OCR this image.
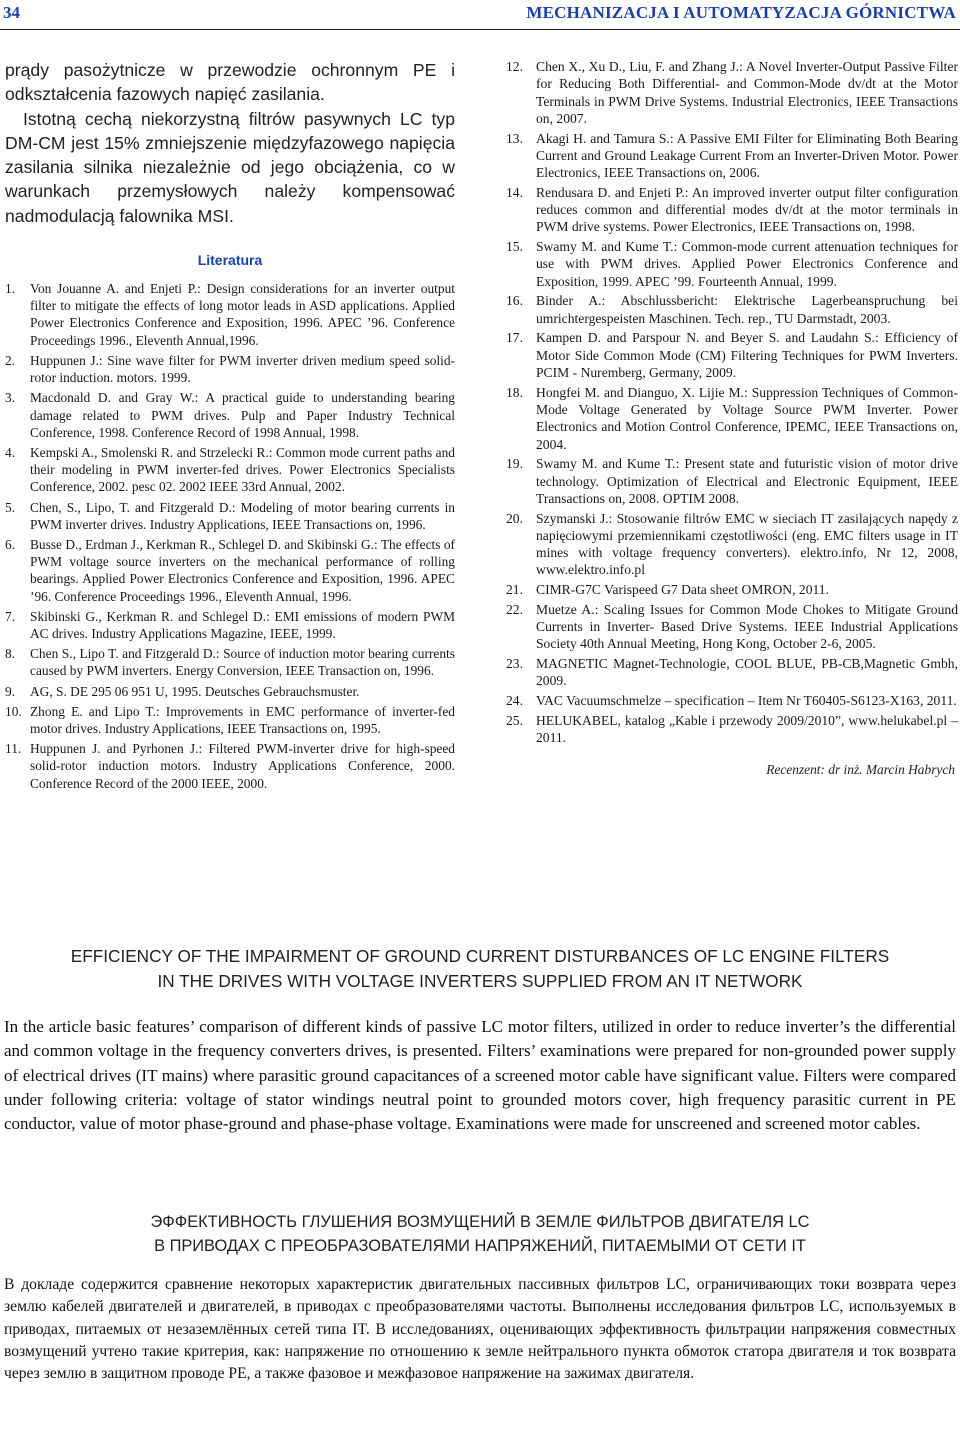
34	MECHANIZACJA I AUTOMATYZACJA GÓRNICTWA

prądy pasożytnicze w przewodzie ochronnym PE i odkształcenia fazowych napięć zasilania.

Istotną cechą niekorzystną filtrów pasywnych LC typ DM-CM jest 15% zmniejszenie międzyfazowego napięcia zasilania silnika niezależnie od jego obciążenia, co w warunkach przemysłowych należy kompensować nadmodulacją falownika MSI.

Literatura
1. Von Jouanne A. and Enjeti P.: Design considerations for an inverter output filter to mitigate the effects of long motor leads in ASD applications. Applied Power Electronics Conference and Exposition, 1996. APEC ’96. Conference Proceedings 1996., Eleventh Annual,1996.
2. Huppunen J.: Sine wave filter for PWM inverter driven medium speed solid-rotor induction. motors. 1999.
3. Macdonald D. and Gray W.: A practical guide to understanding bearing damage related to PWM drives. Pulp and Paper Industry Technical Conference, 1998. Conference Record of 1998 Annual, 1998.
4. Kempski A., Smolenski R. and Strzelecki R.: Common mode current paths and their modeling in PWM inverter-fed drives. Power Electronics Specialists Conference, 2002. pesc 02. 2002 IEEE 33rd Annual, 2002.
5. Chen, S., Lipo, T. and Fitzgerald D.: Modeling of motor bearing currents in PWM inverter drives. Industry Applications, IEEE Transactions on, 1996.
6. Busse D., Erdman J., Kerkman R., Schlegel D. and Skibinski G.: The effects of PWM voltage source inverters on the mechanical performance of rolling bearings. Applied Power Electronics Conference and Exposition, 1996. APEC ’96. Conference Proceedings 1996., Eleventh Annual, 1996.
7. Skibinski G., Kerkman R. and Schlegel D.: EMI emissions of modern PWM AC drives. Industry Applications Magazine, IEEE, 1999.
8. Chen S., Lipo T. and Fitzgerald D.: Source of induction motor bearing currents caused by PWM inverters. Energy Conversion, IEEE Transaction on, 1996.
9. AG, S. DE 295 06 951 U, 1995. Deutsches Gebrauchsmuster.
10. Zhong E. and Lipo T.: Improvements in EMC performance of inverter-fed motor drives. Industry Applications, IEEE Transactions on, 1995.
11. Huppunen J. and Pyrhonen J.: Filtered PWM-inverter drive for high-speed solid-rotor induction motors. Industry Applications Conference, 2000. Conference Record of the 2000 IEEE, 2000.
12. Chen X., Xu D., Liu, F. and Zhang J.: A Novel Inverter-Output Passive Filter for Reducing Both Differential- and Common-Mode dv/dt at the Motor Terminals in PWM Drive Systems. Industrial Electronics, IEEE Transactions on, 2007.
13. Akagi H. and Tamura S.: A Passive EMI Filter for Eliminating Both Bearing Current and Ground Leakage Current From an Inverter-Driven Motor. Power Electronics, IEEE Transactions on, 2006.
14. Rendusara D. and Enjeti P.: An improved inverter output filter configuration reduces common and differential modes dv/dt at the motor terminals in PWM drive systems. Power Electronics, IEEE Transactions on, 1998.
15. Swamy M. and Kume T.: Common-mode current attenuation techniques for use with PWM drives. Applied Power Electronics Conference and Exposition, 1999. APEC ’99. Fourteenth Annual, 1999.
16. Binder A.: Abschlussbericht: Elektrische Lagerbeanspruchung bei umrichtergespeisten Maschinen. Tech. rep., TU Darmstadt, 2003.
17. Kampen D. and Parspour N. and Beyer S. and Laudahn S.: Efficiency of Motor Side Common Mode (CM) Filtering Techniques for PWM Inverters. PCIM - Nuremberg, Germany, 2009.
18. Hongfei M. and Dianguo, X. Lijie M.: Suppression Techniques of Common-Mode Voltage Generated by Voltage Source PWM Inverter. Power Electronics and Motion Control Conference, IPEMC, IEEE Transactions on, 2004.
19. Swamy M. and Kume T.: Present state and futuristic vision of motor drive technology. Optimization of Electrical and Electronic Equipment, IEEE Transactions on, 2008. OPTIM 2008.
20. Szymanski J.: Stosowanie filtrów EMC w sieciach IT zasilających napędy z napięciowymi przemiennikami częstotliwości (eng. EMC filters usage in IT mines with voltage frequency converters). elektro.info, Nr 12, 2008, www.elektro.info.pl
21. CIMR-G7C Varispeed G7 Data sheet OMRON, 2011.
22. Muetze A.: Scaling Issues for Common Mode Chokes to Mitigate Ground Currents in Inverter- Based Drive Systems. IEEE Industrial Applications Society 40th Annual Meeting, Hong Kong, October 2-6, 2005.
23. MAGNETIC Magnet-Technologie, COOL BLUE, PB-CB,Magnetic Gmbh, 2009.
24. VAC Vacuumschmelze – specification – Item Nr T60405-S6123-X163, 2011.
25. HELUKABEL, katalog „Kable i przewody 2009/2010”, www.helukabel.pl – 2011.
Recenzent: dr inż. Marcin Habrych
EFFICIENCY OF THE IMPAIRMENT OF GROUND CURRENT DISTURBANCES OF LC ENGINE FILTERS
IN THE DRIVES WITH VOLTAGE INVERTERS SUPPLIED FROM AN IT NETWORK

In the article basic features’ comparison of different kinds of passive LC motor filters, utilized in order to reduce inverter’s the differential and common voltage in the frequency converters drives, is presented. Filters’ examinations were prepared for non-grounded power supply of electrical drives (IT mains) where parasitic ground capacitances of a screened motor cable have significant value. Filters were compared under following criteria: voltage of stator windings neutral point to grounded motors cover, high frequency parasitic current in PE conductor, value of motor phase-ground and phase-phase voltage. Examinations were made for unscreened and screened motor cables.

ЭФФЕКТИВНОСТЬ ГЛУШЕНИЯ ВОЗМУЩЕНИЙ В ЗЕМЛЕ ФИЛЬТРОВ ДВИГАТЕЛЯ LC
В ПРИВОДАХ С ПРЕОБРАЗОВАТЕЛЯМИ НАПРЯЖЕНИЙ, ПИТАЕМЫМИ ОТ СЕТИ IT

В докладе содержится сравнение некоторых характеристик двигательных пассивных фильтров LC, ограничивающих токи возврата через землю кабелей двигателей и двигателей, в приводах с преобразователями частоты. Выполнены исследования фильтров LC, используемых в приводах, питаемых от незаземлённых сетей типа IT. В исследованиях, оценивающих эффективность фильтрации напряжения совместных возмущений учтено такие критерия, как: напряжение по отношению к земле нейтрального пункта обмоток статора двигателя и ток возврата через землю в защитном проводе PE, а также фазовое и межфазовое напряжение на зажимах двигателя.
